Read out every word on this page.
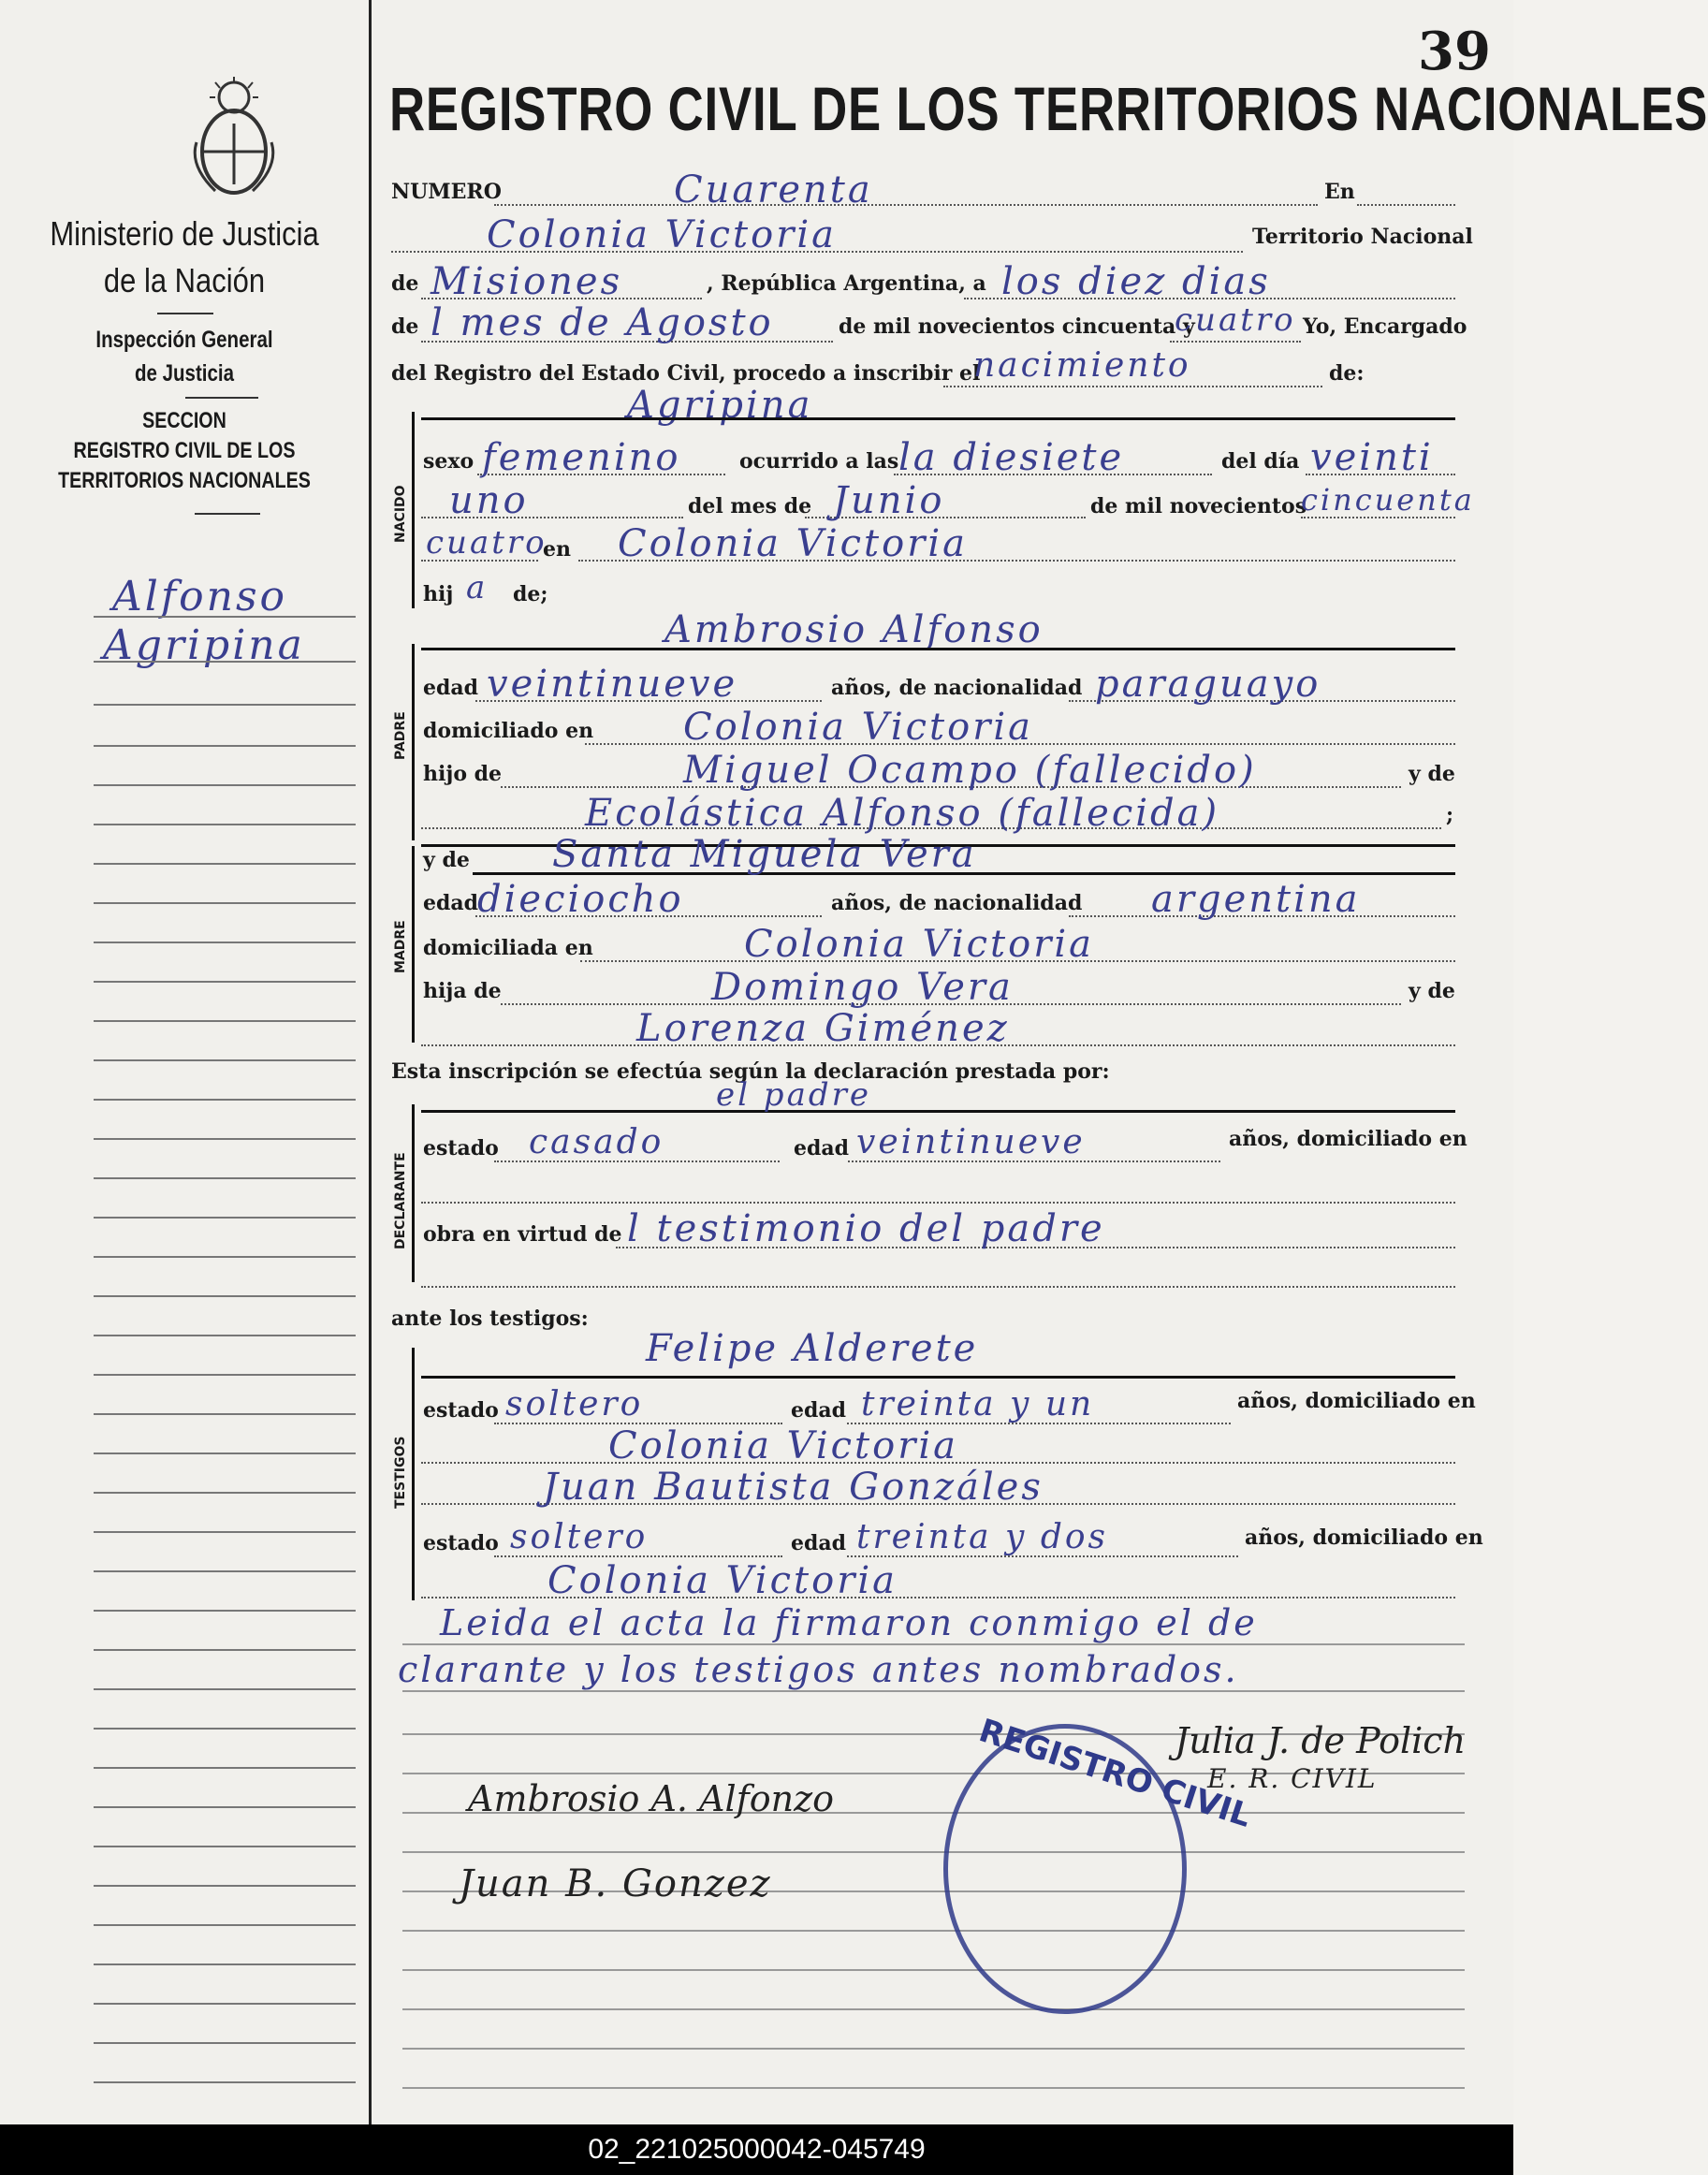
39
REGISTRO CIVIL DE LOS TERRITORIOS NACIONALES
Ministerio de Justicia
de la Nación
Inspección General
de Justicia
SECCION
REGISTRO CIVIL DE LOS
TERRITORIOS NACIONALES
Alfonso
Agripina
NUMERO	Cuarenta	En
Colonia Victoria	Territorio Nacional
de Misiones	, República Argentina, a los diez dias
de l mes de Agosto	de mil novecientos cincuenta y
cuatro Yo, Encargado
del Registro del Estado Civil, procedo a inscribir el
nacimiento	de:
NACIDO
Agripina
sexo femenino	ocurrido a las la diesiete	del día veinti
uno	del mes de Junio	de mil novecientos
cincuenta
cuatro
en Colonia Victoria
hij a de;
PADRE
Ambrosio Alfonso
edad veintinueve	años, de nacionalidad paraguayo
domiciliado en Colonia Victoria
hijo de	Miguel Ocampo (fallecido)	y de
Ecolástica Alfonso (fallecida)	;
MADRE
y de Santa Miguela Vera
edad
dieciocho	años, de nacionalidad argentina
domiciliada en	Colonia Victoria
hija de	Domingo Vera	y de
Lorenza Giménez
Esta inscripción se efectúa según la declaración prestada por:
DECLARANTE
el padre
estado casado	edad veintinueve	años, domiciliado en
obra en virtud de l testimonio del padre
ante los testigos:
TESTIGOS
Felipe Alderete
estado soltero	edad treinta y un	años, domiciliado en
Colonia Victoria
Juan Bautista Gonzáles
estado soltero	edad treinta y dos	años, domiciliado en
Colonia Victoria
Leida el acta la firmaron conmigo el de
clarante y los testigos antes nombrados.
Julia J. de Polich
E. R. CIVIL
Ambrosio A. Alfonzo
Juan B. Gonzez
REGISTRO CIVIL
02_221025000042-045749
